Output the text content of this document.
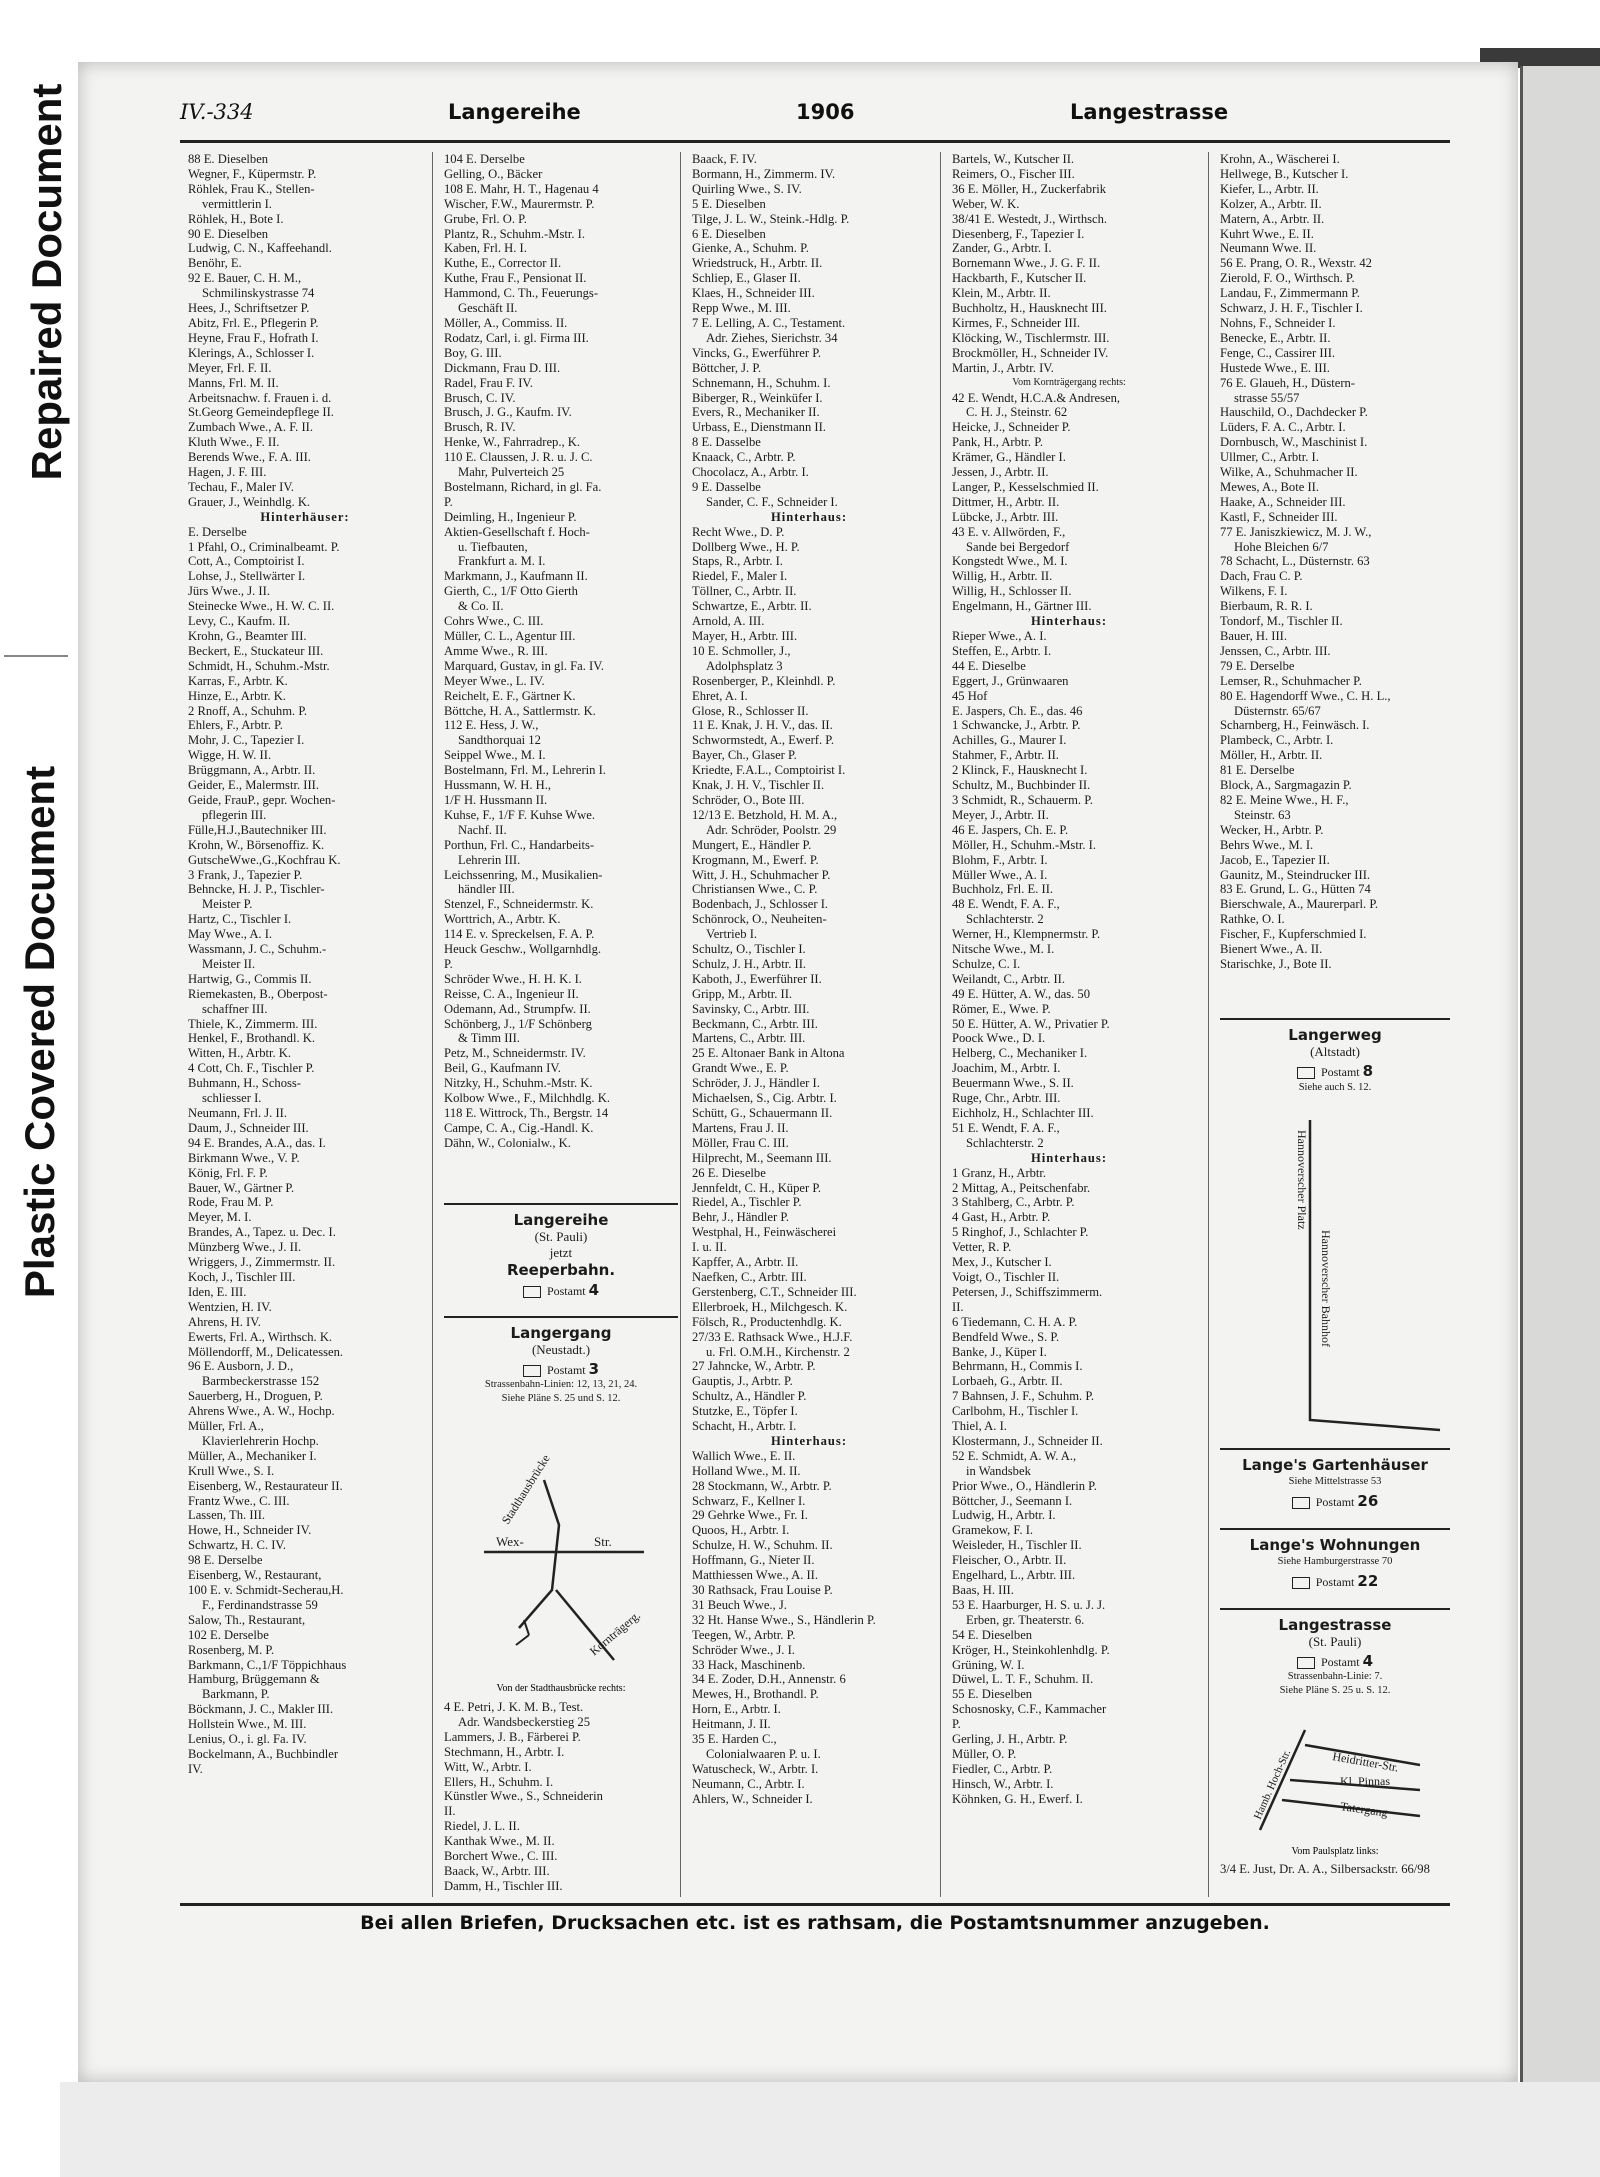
Repaired Document
Plastic Covered Document
IV.-334	Langereihe	1906	Langestrasse
88 E. Dieselben
Wegner, F., Küpermstr. P.
Röhlek, Frau K., Stellen-
vermittlerin I.
Röhlek, H., Bote I.
90 E. Dieselben
Ludwig, C. N., Kaffeehandl.
Benöhr, E.
92 E. Bauer, C. H. M.,
Schmilinskystrasse 74
Hees, J., Schriftsetzer P.
Abitz, Frl. E., Pflegerin P.
Heyne, Frau F., Hofrath I.
Klerings, A., Schlosser I.
Meyer, Frl. F. II.
Manns, Frl. M. II.
Arbeitsnachw. f. Frauen i. d.
St.Georg Gemeindepflege II.
Zumbach Wwe., A. F. II.
Kluth Wwe., F. II.
Berends Wwe., F. A. III.
Hagen, J. F. III.
Techau, F., Maler IV.
Grauer, J., Weinhdlg. K.
Hinterhäuser:
E. Derselbe
1 Pfahl, O., Criminalbeamt. P.
Cott, A., Comptoirist I.
Lohse, J., Stellwärter I.
Jürs Wwe., J. II.
Steinecke Wwe., H. W. C. II.
Levy, C., Kaufm. II.
Krohn, G., Beamter III.
Beckert, E., Stuckateur III.
Schmidt, H., Schuhm.-Mstr.
Karras, F., Arbtr. K.
Hinze, E., Arbtr. K.
2 Rnoff, A., Schuhm. P.
Ehlers, F., Arbtr. P.
Mohr, J. C., Tapezier I.
Wigge, H. W. II.
Brüggmann, A., Arbtr. II.
Geider, E., Malermstr. III.
Geide, FrauP., gepr. Wochen-
pflegerin III.
Fülle,H.J.,Bautechniker III.
Krohn, W., Börsenoffiz. K.
GutscheWwe.,G.,Kochfrau K.
3 Frank, J., Tapezier P.
Behncke, H. J. P., Tischler-
Meister P.
Hartz, C., Tischler I.
May Wwe., A. I.
Wassmann, J. C., Schuhm.-
Meister II.
Hartwig, G., Commis II.
Riemekasten, B., Oberpost-
schaffner III.
Thiele, K., Zimmerm. III.
Henkel, F., Brothandl. K.
Witten, H., Arbtr. K.
4 Cott, Ch. F., Tischler P.
Buhmann, H., Schoss-
schliesser I.
Neumann, Frl. J. II.
Daum, J., Schneider III.
94 E. Brandes, A.A., das. I.
Birkmann Wwe., V. P.
König, Frl. F. P.
Bauer, W., Gärtner P.
Rode, Frau M. P.
Meyer, M. I.
Brandes, A., Tapez. u. Dec. I.
Münzberg Wwe., J. II.
Wriggers, J., Zimmermstr. II.
Koch, J., Tischler III.
Iden, E. III.
Wentzien, H. IV.
Ahrens, H. IV.
Ewerts, Frl. A., Wirthsch. K.
Möllendorff, M., Delicatessen.
96 E. Ausborn, J. D.,
Barmbeckerstrasse 152
Sauerberg, H., Droguen, P.
Ahrens Wwe., A. W., Hochp.
Müller, Frl. A.,
Klavierlehrerin Hochp.
Müller, A., Mechaniker I.
Krull Wwe., S. I.
Eisenberg, W., Restaurateur II.
Frantz Wwe., C. III.
Lassen, Th. III.
Howe, H., Schneider IV.
Schwartz, H. C. IV.
98 E. Derselbe
Eisenberg, W., Restaurant,
100 E. v. Schmidt-Secherau,H.
F., Ferdinandstrasse 59
Salow, Th., Restaurant,
102 E. Derselbe
Rosenberg, M. P.
Barkmann, C.,1/F Töppichhaus
Hamburg, Brüggemann &
Barkmann, P.
Böckmann, J. C., Makler III.
Hollstein Wwe., M. III.
Lenius, O., i. gl. Fa. IV.
Bockelmann, A., Buchbindler
IV.
104 E. Derselbe
Gelling, O., Bäcker
108 E. Mahr, H. T., Hagenau 4
Wischer, F.W., Maurermstr. P.
Grube, Frl. O. P.
Plantz, R., Schuhm.-Mstr. I.
Kaben, Frl. H. I.
Kuthe, E., Corrector II.
Kuthe, Frau F., Pensionat II.
Hammond, C. Th., Feuerungs-
Geschäft II.
Möller, A., Commiss. II.
Rodatz, Carl, i. gl. Firma III.
Boy, G. III.
Dickmann, Frau D. III.
Radel, Frau F. IV.
Brusch, C. IV.
Brusch, J. G., Kaufm. IV.
Brusch, R. IV.
Henke, W., Fahrradrep., K.
110 E. Claussen, J. R. u. J. C.
Mahr, Pulverteich 25
Bostelmann, Richard, in gl. Fa.
P.
Deimling, H., Ingenieur P.
Aktien-Gesellschaft f. Hoch-
u. Tiefbauten,
Frankfurt a. M. I.
Markmann, J., Kaufmann II.
Gierth, C., 1/F Otto Gierth
& Co. II.
Cohrs Wwe., C. III.
Müller, C. L., Agentur III.
Amme Wwe., R. III.
Marquard, Gustav, in gl. Fa. IV.
Meyer Wwe., L. IV.
Reichelt, E. F., Gärtner K.
Böttche, H. A., Sattlermstr. K.
112 E. Hess, J. W.,
Sandthorquai 12
Seippel Wwe., M. I.
Bostelmann, Frl. M., Lehrerin I.
Hussmann, W. H. H.,
1/F H. Hussmann II.
Kuhse, F., 1/F F. Kuhse Wwe.
Nachf. II.
Porthun, Frl. C., Handarbeits-
Lehrerin III.
Leichssenring, M., Musikalien-
händler III.
Stenzel, F., Schneidermstr. K.
Worttrich, A., Arbtr. K.
114 E. v. Spreckelsen, F. A. P.
Heuck Geschw., Wollgarnhdlg.
P.
Schröder Wwe., H. H. K. I.
Reisse, C. A., Ingenieur II.
Odemann, Ad., Strumpfw. II.
Schönberg, J., 1/F Schönberg
& Timm III.
Petz, M., Schneidermstr. IV.
Beil, G., Kaufmann IV.
Nitzky, H., Schuhm.-Mstr. K.
Kolbow Wwe., F., Milchhdlg. K.
118 E. Wittrock, Th., Bergstr. 14
Campe, C. A., Cig.-Handl. K.
Dähn, W., Colonialw., K.
Baack, F. IV.
Bormann, H., Zimmerm. IV.
Quirling Wwe., S. IV.
5 E. Dieselben
Tilge, J. L. W., Steink.-Hdlg. P.
6 E. Dieselben
Gienke, A., Schuhm. P.
Wriedstruck, H., Arbtr. II.
Schliep, E., Glaser II.
Klaes, H., Schneider III.
Repp Wwe., M. III.
7 E. Lelling, A. C., Testament.
Adr. Ziehes, Sierichstr. 34
Vincks, G., Ewerführer P.
Böttcher, J. P.
Schnemann, H., Schuhm. I.
Biberger, R., Weinküfer I.
Evers, R., Mechaniker II.
Urbass, E., Dienstmann II.
8 E. Dasselbe
Knaack, C., Arbtr. P.
Chocolacz, A., Arbtr. I.
9 E. Dasselbe
Sander, C. F., Schneider I.
Hinterhaus:
Recht Wwe., D. P.
Dollberg Wwe., H. P.
Staps, R., Arbtr. I.
Riedel, F., Maler I.
Töllner, C., Arbtr. II.
Schwartze, E., Arbtr. II.
Arnold, A. III.
Mayer, H., Arbtr. III.
10 E. Schmoller, J.,
Adolphsplatz 3
Rosenberger, P., Kleinhdl. P.
Ehret, A. I.
Glose, R., Schlosser II.
11 E. Knak, J. H. V., das. II.
Schwormstedt, A., Ewerf. P.
Bayer, Ch., Glaser P.
Kriedte, F.A.L., Comptoirist I.
Knak, J. H. V., Tischler II.
Schröder, O., Bote III.
12/13 E. Betzhold, H. M. A.,
Adr. Schröder, Poolstr. 29
Mungert, E., Händler P.
Krogmann, M., Ewerf. P.
Witt, J. H., Schuhmacher P.
Christiansen Wwe., C. P.
Bodenbach, J., Schlosser I.
Schönrock, O., Neuheiten-
Vertrieb I.
Schultz, O., Tischler I.
Schulz, J. H., Arbtr. II.
Kaboth, J., Ewerführer II.
Gripp, M., Arbtr. II.
Savinsky, C., Arbtr. III.
Beckmann, C., Arbtr. III.
Martens, C., Arbtr. III.
25 E. Altonaer Bank in Altona
Grandt Wwe., E. P.
Schröder, J. J., Händler I.
Michaelsen, S., Cig. Arbtr. I.
Schütt, G., Schauermann II.
Martens, Frau J. II.
Möller, Frau C. III.
Hilprecht, M., Seemann III.
26 E. Dieselbe
Jennfeldt, C. H., Küper P.
Riedel, A., Tischler P.
Behr, J., Händler P.
Westphal, H., Feinwäscherei
I. u. II.
Kapffer, A., Arbtr. II.
Naefken, C., Arbtr. III.
Gerstenberg, C.T., Schneider III.
Ellerbroek, H., Milchgesch. K.
Fölsch, R., Productenhdlg. K.
27/33 E. Rathsack Wwe., H.J.F.
u. Frl. O.M.H., Kirchenstr. 2
27 Jahncke, W., Arbtr. P.
Gauptis, J., Arbtr. P.
Schultz, A., Händler P.
Stutzke, E., Töpfer I.
Schacht, H., Arbtr. I.
Hinterhaus:
Wallich Wwe., E. II.
Holland Wwe., M. II.
28 Stockmann, W., Arbtr. P.
Schwarz, F., Kellner I.
29 Gehrke Wwe., Fr. I.
Quoos, H., Arbtr. I.
Schulze, H. W., Schuhm. II.
Hoffmann, G., Nieter II.
Matthiessen Wwe., A. II.
30 Rathsack, Frau Louise P.
31 Beuch Wwe., J.
32 Ht. Hanse Wwe., S., Händlerin P.
Teegen, W., Arbtr. P.
Schröder Wwe., J. I.
33 Hack, Maschinenb.
34 E. Zoder, D.H., Annenstr. 6
Mewes, H., Brothandl. P.
Horn, E., Arbtr. I.
Heitmann, J. II.
35 E. Harden C.,
Colonialwaaren P. u. I.
Watuscheck, W., Arbtr. I.
Neumann, C., Arbtr. I.
Ahlers, W., Schneider I.
Bartels, W., Kutscher II.
Reimers, O., Fischer III.
36 E. Möller, H., Zuckerfabrik
Weber, W. K.
38/41 E. Westedt, J., Wirthsch.
Diesenberg, F., Tapezier I.
Zander, G., Arbtr. I.
Bornemann Wwe., J. G. F. II.
Hackbarth, F., Kutscher II.
Klein, M., Arbtr. II.
Buchholtz, H., Hausknecht III.
Kirmes, F., Schneider III.
Klöcking, W., Tischlermstr. III.
Brockmöller, H., Schneider IV.
Martin, J., Arbtr. IV.
Vom Kornträgergang rechts:
42 E. Wendt, H.C.A.& Andresen,
C. H. J., Steinstr. 62
Heicke, J., Schneider P.
Pank, H., Arbtr. P.
Krämer, G., Händler I.
Jessen, J., Arbtr. II.
Langer, P., Kesselschmied II.
Dittmer, H., Arbtr. II.
Lübcke, J., Arbtr. III.
43 E. v. Allwörden, F.,
Sande bei Bergedorf
Kongstedt Wwe., M. I.
Willig, H., Arbtr. II.
Willig, H., Schlosser II.
Engelmann, H., Gärtner III.
Hinterhaus:
Rieper Wwe., A. I.
Steffen, E., Arbtr. I.
44 E. Dieselbe
Eggert, J., Grünwaaren
45 Hof
E. Jaspers, Ch. E., das. 46
1 Schwancke, J., Arbtr. P.
Achilles, G., Maurer I.
Stahmer, F., Arbtr. II.
2 Klinck, F., Hausknecht I.
Schultz, M., Buchbinder II.
3 Schmidt, R., Schauerm. P.
Meyer, J., Arbtr. II.
46 E. Jaspers, Ch. E. P.
Möller, H., Schuhm.-Mstr. I.
Blohm, F., Arbtr. I.
Müller Wwe., A. I.
Buchholz, Frl. E. II.
48 E. Wendt, F. A. F.,
Schlachterstr. 2
Werner, H., Klempnermstr. P.
Nitsche Wwe., M. I.
Schulze, C. I.
Weilandt, C., Arbtr. II.
49 E. Hütter, A. W., das. 50
Römer, E., Wwe. P.
50 E. Hütter, A. W., Privatier P.
Poock Wwe., D. I.
Helberg, C., Mechaniker I.
Joachim, M., Arbtr. I.
Beuermann Wwe., S. II.
Ruge, Chr., Arbtr. III.
Eichholz, H., Schlachter III.
51 E. Wendt, F. A. F.,
Schlachterstr. 2
Hinterhaus:
1 Granz, H., Arbtr.
2 Mittag, A., Peitschenfabr.
3 Stahlberg, C., Arbtr. P.
4 Gast, H., Arbtr. P.
5 Ringhof, J., Schlachter P.
Vetter, R. P.
Mex, J., Kutscher I.
Voigt, O., Tischler II.
Petersen, J., Schiffszimmerm.
II.
6 Tiedemann, C. H. A. P.
Bendfeld Wwe., S. P.
Banke, J., Küper I.
Behrmann, H., Commis I.
Lorbaeh, G., Arbtr. II.
7 Bahnsen, J. F., Schuhm. P.
Carlbohm, H., Tischler I.
Thiel, A. I.
Klostermann, J., Schneider II.
52 E. Schmidt, A. W. A.,
in Wandsbek
Prior Wwe., O., Händlerin P.
Böttcher, J., Seemann I.
Ludwig, H., Arbtr. I.
Gramekow, F. I.
Weisleder, H., Tischler II.
Fleischer, O., Arbtr. II.
Engelhard, L., Arbtr. III.
Baas, H. III.
53 E. Haarburger, H. S. u. J. J.
Erben, gr. Theaterstr. 6.
54 E. Dieselben
Kröger, H., Steinkohlenhdlg. P.
Grüning, W. I.
Düwel, L. T. F., Schuhm. II.
55 E. Dieselben
Schosnosky, C.F., Kammacher
P.
Gerling, J. H., Arbtr. P.
Müller, O. P.
Fiedler, C., Arbtr. P.
Hinsch, W., Arbtr. I.
Köhnken, G. H., Ewerf. I.
Krohn, A., Wäscherei I.
Hellwege, B., Kutscher I.
Kiefer, L., Arbtr. II.
Kolzer, A., Arbtr. II.
Matern, A., Arbtr. II.
Kuhrt Wwe., E. II.
Neumann Wwe. II.
56 E. Prang, O. R., Wexstr. 42
Zierold, F. O., Wirthsch. P.
Landau, F., Zimmermann P.
Schwarz, J. H. F., Tischler I.
Nohns, F., Schneider I.
Benecke, E., Arbtr. II.
Fenge, C., Cassirer III.
Hustede Wwe., E. III.
76 E. Glaueh, H., Düstern-
strasse 55/57
Hauschild, O., Dachdecker P.
Lüders, F. A. C., Arbtr. I.
Dornbusch, W., Maschinist I.
Ullmer, C., Arbtr. I.
Wilke, A., Schuhmacher II.
Mewes, A., Bote II.
Haake, A., Schneider III.
Kastl, F., Schneider III.
77 E. Janiszkiewicz, M. J. W.,
Hohe Bleichen 6/7
78 Schacht, L., Düsternstr. 63
Dach, Frau C. P.
Wilkens, F. I.
Bierbaum, R. R. I.
Tondorf, M., Tischler II.
Bauer, H. III.
Jenssen, C., Arbtr. III.
79 E. Derselbe
Lemser, R., Schuhmacher P.
80 E. Hagendorff Wwe., C. H. L.,
Düsternstr. 65/67
Scharnberg, H., Feinwäsch. I.
Plambeck, C., Arbtr. I.
Möller, H., Arbtr. II.
81 E. Derselbe
Block, A., Sargmagazin P.
82 E. Meine Wwe., H. F.,
Steinstr. 63
Wecker, H., Arbtr. P.
Behrs Wwe., M. I.
Jacob, E., Tapezier II.
Gaunitz, M., Steindrucker III.
83 E. Grund, L. G., Hütten 74
Bierschwale, A., Maurerparl. P.
Rathke, O. I.
Fischer, F., Kupferschmied I.
Bienert Wwe., A. II.
Starischke, J., Bote II.
Langereihe
(St. Pauli)
jetzt
Reeperbahn.
Postamt 4
Langergang
(Neustadt.)
Postamt 3
Strassenbahn-Linien: 12, 13, 21, 24.
Siehe Pläne S. 25 und S. 12.
Stadthausbrücke
Wex-	Str.
Kornträgerg.
Von der Stadthausbrücke rechts:
4 E. Petri, J. K. M. B., Test.
Adr. Wandsbeckerstieg 25
Lammers, J. B., Färberei P.
Stechmann, H., Arbtr. I.
Witt, W., Arbtr. I.
Ellers, H., Schuhm. I.
Künstler Wwe., S., Schneiderin
II.
Riedel, J. L. II.
Kanthak Wwe., M. II.
Borchert Wwe., C. III.
Baack, W., Arbtr. III.
Damm, H., Tischler III.
Langerweg
(Altstadt)
Postamt 8
Siehe auch S. 12.
Hannoverscher Platz
Hannoverscher Bahnhof
Lange's Gartenhäuser
Siehe Mittelstrasse 53
Postamt 26
Lange's Wohnungen
Siehe Hamburgerstrasse 70
Postamt 22
Langestrasse
(St. Pauli)
Postamt 4
Strassenbahn-Linie: 7.
Siehe Pläne S. 25 u. S. 12.
Heidritter-Str.
Hamb. Hoch-Str.	Kl. Pinnas
Tatergang
Vom Paulsplatz links:
3/4 E. Just, Dr. A. A., Silbersackstr. 66/98
Bei allen Briefen, Drucksachen etc. ist es rathsam, die Postamtsnummer anzugeben.
